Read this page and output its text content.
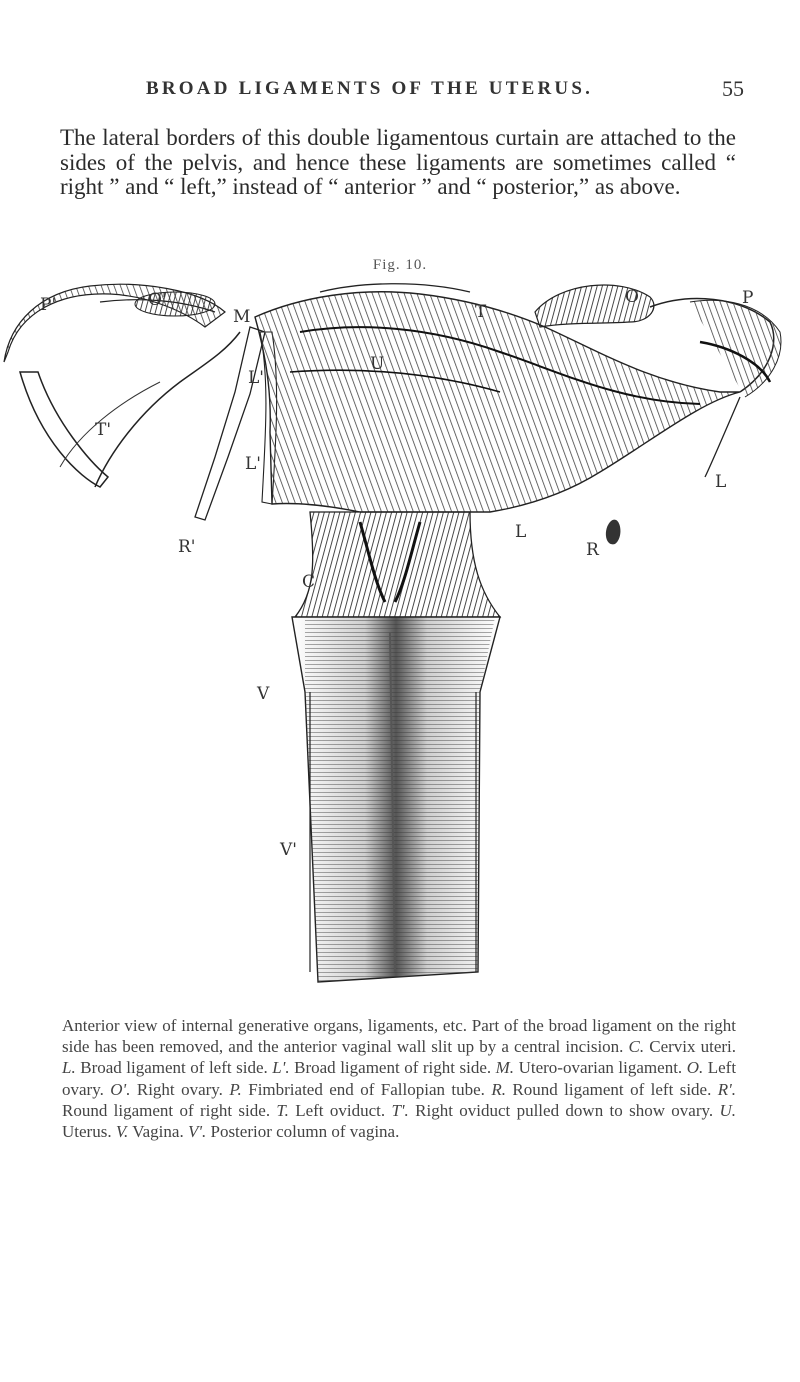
BROAD LIGAMENTS OF THE UTERUS.	55
The lateral borders of this double ligamentous curtain are attached to the sides of the pelvis, and hence these ligaments are sometimes called “ right ” and “ left,” instead of “ anterior ” and “ posterior,” as above.
Fig. 10.
P'	O'
M	T
O	P
U
L'
T'
L'
L
R'
L
R
C
V
V'
Anterior view of internal generative organs, ligaments, etc. Part of the broad ligament on the right side has been removed, and the anterior vaginal wall slit up by a central incision. C. Cervix uteri. L. Broad ligament of left side. L'. Broad ligament of right side. M. Utero-ovarian ligament. O. Left ovary. O'. Right ovary. P. Fimbriated end of Fallopian tube. R. Round ligament of left side. R'. Round ligament of right side. T. Left oviduct. T'. Right oviduct pulled down to show ovary. U. Uterus. V. Vagina. V'. Posterior column of vagina.
